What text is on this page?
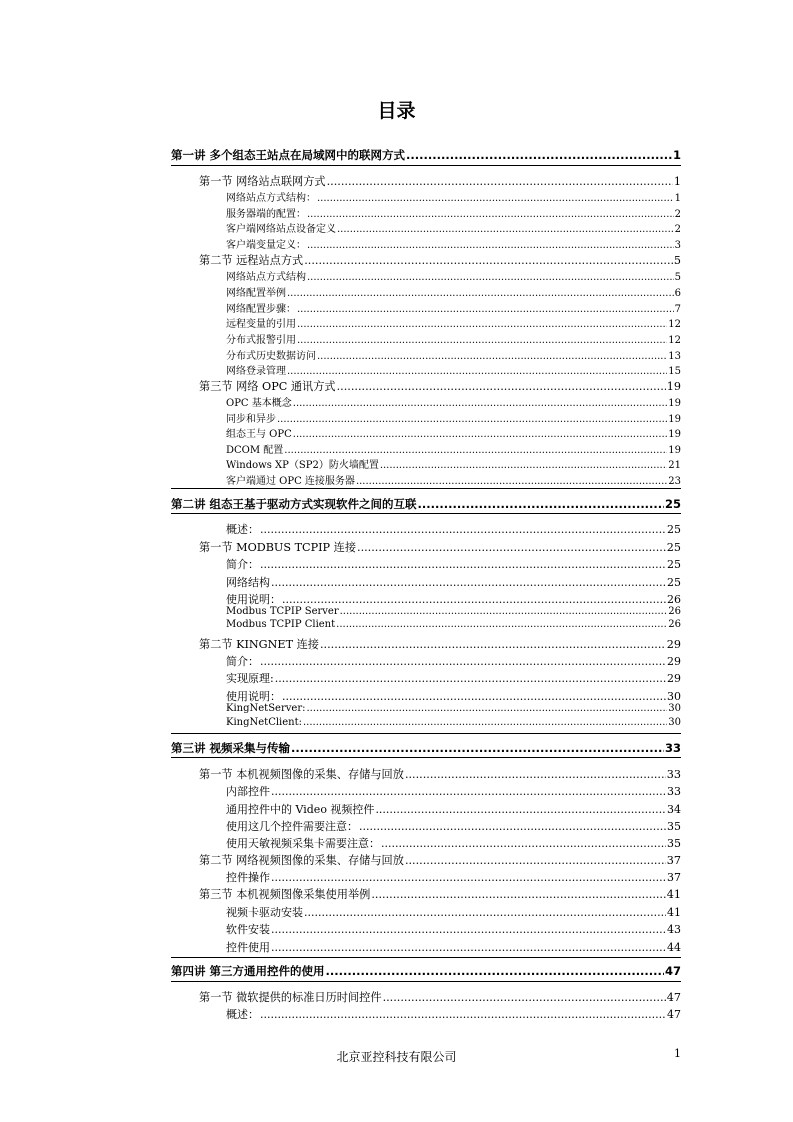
目录
北京亚控科技有限公司	1
第一讲 多个组态王站点在局域网中的联网方式 .....	1
第一节 网络站点联网方式 .....	1
网络站点方式结构： .....	1
服务器端的配置： .....	2
客户端网络站点设备定义 .....	2
客户端变量定义： .....	3
第二节 远程站点方式 .....	5
网络站点方式结构 .....	5
网络配置举例 .....	6
网络配置步骤： .....	7
远程变量的引用 .....	12
分布式报警引用 .....	12
分布式历史数据访问 .....	13
网络登录管理 .....	15
第三节 网络 OPC 通讯方式 .....	19
OPC 基本概念 .....	19
同步和异步 .....	19
组态王与 OPC .....	19
DCOM 配置 .....	19
Windows XP（SP2）防火墙配置 .....	21
客户端通过 OPC 连接服务器 .....	23
第二讲 组态王基于驱动方式实现软件之间的互联 .....	25
概述： .....	25
第一节 MODBUS TCPIP 连接 .....	25
简介： .....	25
网络结构 .....	25
使用说明： .....	26
Modbus TCPIP Server .....	26
Modbus TCPIP Client .....	26
第二节 KINGNET 连接 .....	29
简介： .....	29
实现原理: .....	29
使用说明： .....	30
KingNetServer: .....	30
KingNetClient: .....	30
第三讲 视频采集与传输 .....	33
第一节 本机视频图像的采集、存储与回放 .....	33
内部控件 .....	33
通用控件中的 Video 视频控件 .....	34
使用这几个控件需要注意： .....	35
使用天敏视频采集卡需要注意： .....	35
第二节 网络视频图像的采集、存储与回放 .....	37
控件操作 .....	37
第三节 本机视频图像采集使用举例 .....	41
视频卡驱动安装 .....	41
软件安装 .....	43
控件使用 .....	44
第四讲 第三方通用控件的使用 .....	47
第一节 微软提供的标准日历时间控件 .....	47
概述： .....	47
